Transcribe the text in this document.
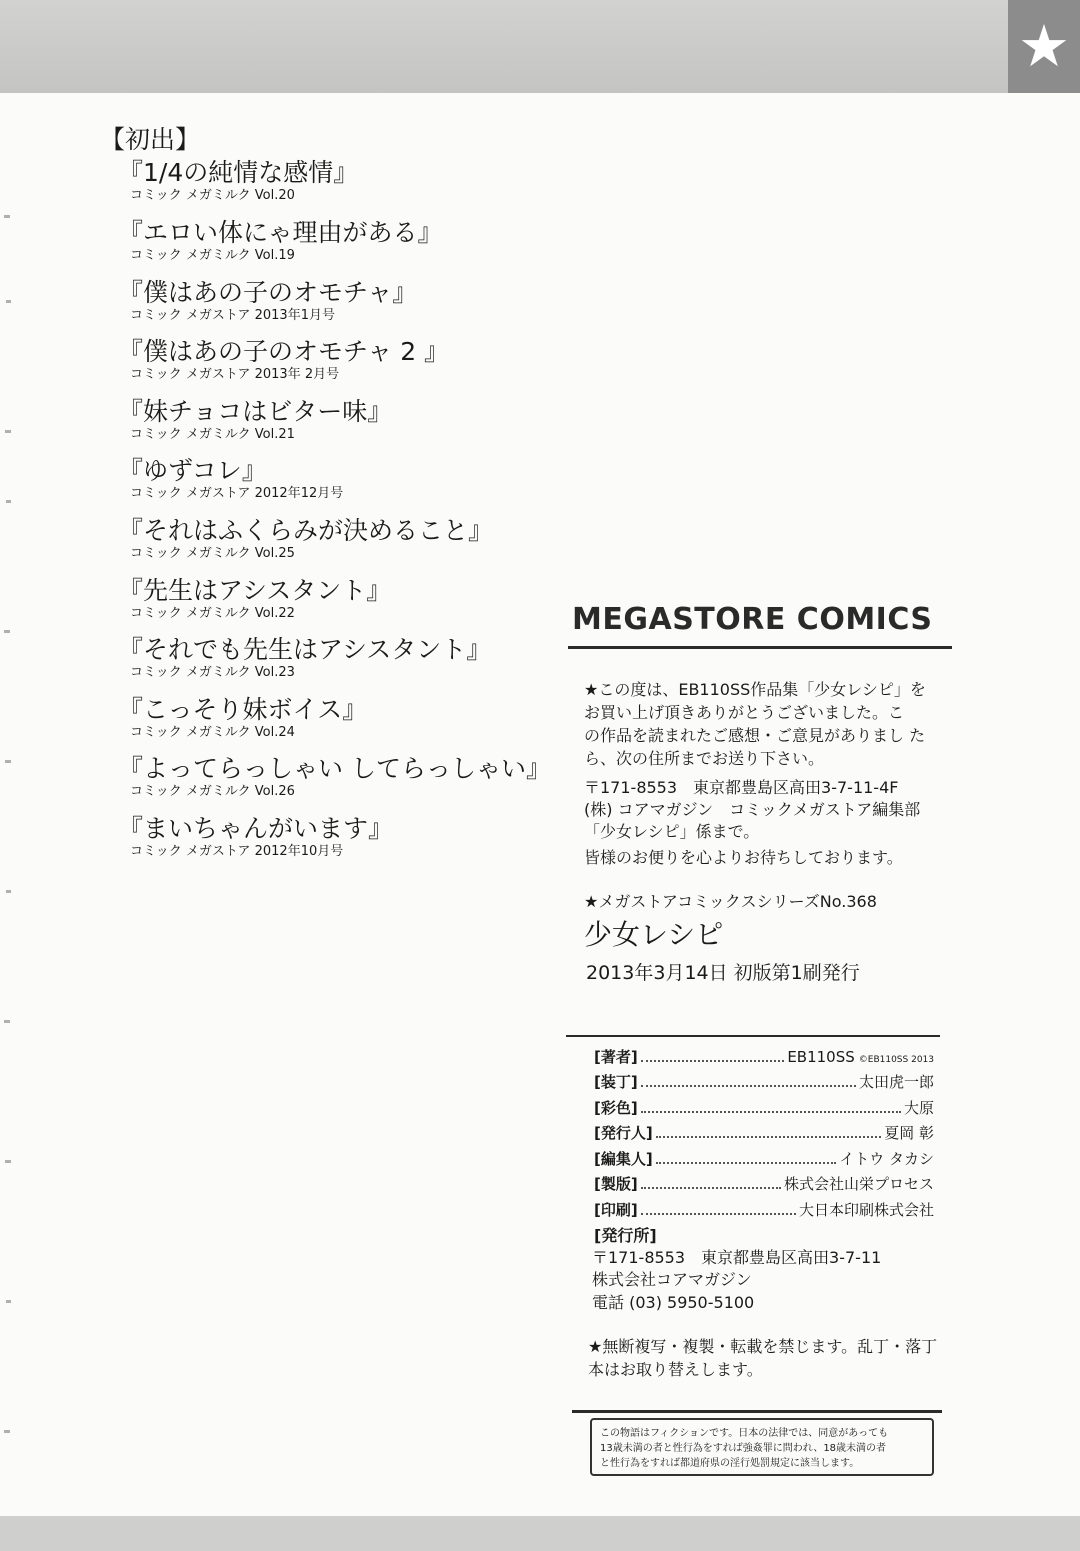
★
【初出】
『1/4の純情な感情』
コミック メガミルク Vol.20
『エロい体にゃ理由がある』
コミック メガミルク Vol.19
『僕はあの子のオモチャ』
コミック メガストア 2013年1月号
『僕はあの子のオモチャ 2 』
コミック メガストア 2013年 2月号
『妹チョコはビター味』
コミック メガミルク Vol.21
『ゆずコレ』
コミック メガストア 2012年12月号
『それはふくらみが決めること』
コミック メガミルク Vol.25
『先生はアシスタント』
コミック メガミルク Vol.22
『それでも先生はアシスタント』
コミック メガミルク Vol.23
『こっそり妹ボイス』
コミック メガミルク Vol.24
『よってらっしゃい してらっしゃい』
コミック メガミルク Vol.26
『まいちゃんがいます』
コミック メガストア 2012年10月号
MEGASTORE COMICS
★この度は、EB110SS作品集「少女レシピ」を
お買い上げ頂きありがとうございました。こ
の作品を読まれたご感想・ご意見がありまし た
ら、次の住所までお送り下さい。
〒171-8553　東京都豊島区高田3-7-11-4F
(株) コアマガジン　コミックメガストア編集部
「少女レシピ」係まで。
皆様のお便りを心よりお待ちしております。
★メガストアコミックスシリーズNo.368
少女レシピ
2013年3月14日 初版第1刷発行
[著者]	EB110SS ©EB110SS 2013
[装丁]	太田虎一郎
[彩色]	大原
[発行人]	夏岡 彰
[編集人]	イトウ タカシ
[製版]	株式会社山栄プロセス
[印刷]	大日本印刷株式会社
[発行所]
〒171-8553　東京都豊島区高田3-7-11
株式会社コアマガジン
電話 (03) 5950-5100
★無断複写・複製・転載を禁じます。乱丁・落丁
本はお取り替えします。
この物語はフィクションです。日本の法律では、同意があっても
13歳未満の者と性行為をすれば強姦罪に問われ、18歳未満の者
と性行為をすれば都道府県の淫行処罰規定に該当します。
